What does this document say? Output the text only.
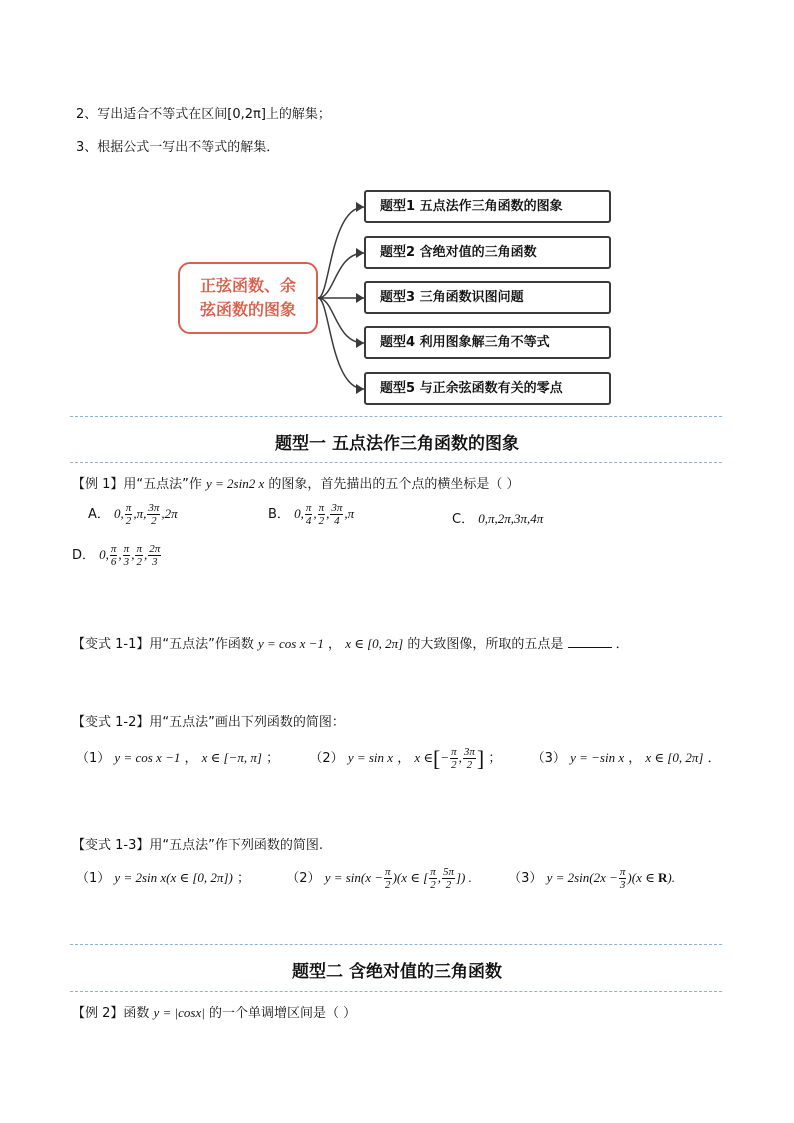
2、写出适合不等式在区间[0,2π]上的解集；
3、根据公式一写出不等式的解集．
正弦函数、余
弦函数的图象
题型1 五点法作三角函数的图象
题型2 含绝对值的三角函数
题型3 三角函数识图问题
题型4 利用图象解三角不等式
题型5 与正余弦函数有关的零点
题型一 五点法作三角函数的图象
【例 1】用“五点法”作 y = 2sin2 x 的图象，首先描出的五个点的横坐标是（ ）
A． 0, $\frac{\pi}{2} ,\pi$, $\frac{3\pi}{2} ,2\pi$	B． 0, $\frac{\pi}{4}$ , $\frac{\pi}{2}$ , $\frac{3\pi}{4} ,\pi$	C． 0,π,2π,3π,4π
D． 0, $\frac{\pi}{6}$ , $\frac{\pi}{3}$ , $\frac{\pi}{2}$ , $\frac{2\pi}{3}$
【变式 1-1】用“五点法”作函数 y = cos x −1 ， x ∈ [0, 2π] 的大致图像，所取的五点是	．
【变式 1-2】用“五点法”画出下列函数的简图：
（1） y = cos x −1 ， x ∈ [−π, π] ； （2） y = sin x ， x ∈[− $\frac{\pi}{2}$ , $\frac{3\pi}{2}$ ] ； （3） y = −sin x ， x ∈ [0, 2π] ．
【变式 1-3】用“五点法”作下列函数的简图.
（1） y = 2sin x(x ∈ [0, 2π]) ；	（2） $y = \sin(x - \frac{\pi}{2} )(x$ ∈ [ $\frac{\pi}{2}$ , $\frac{5\pi}{2}$ ]) .	（3） $y = 2\sin(2x - \frac{\pi}{3} )(x$ ∈ R).
题型二 含绝对值的三角函数
【例 2】函数 y = |cosx| 的一个单调增区间是（ ）
